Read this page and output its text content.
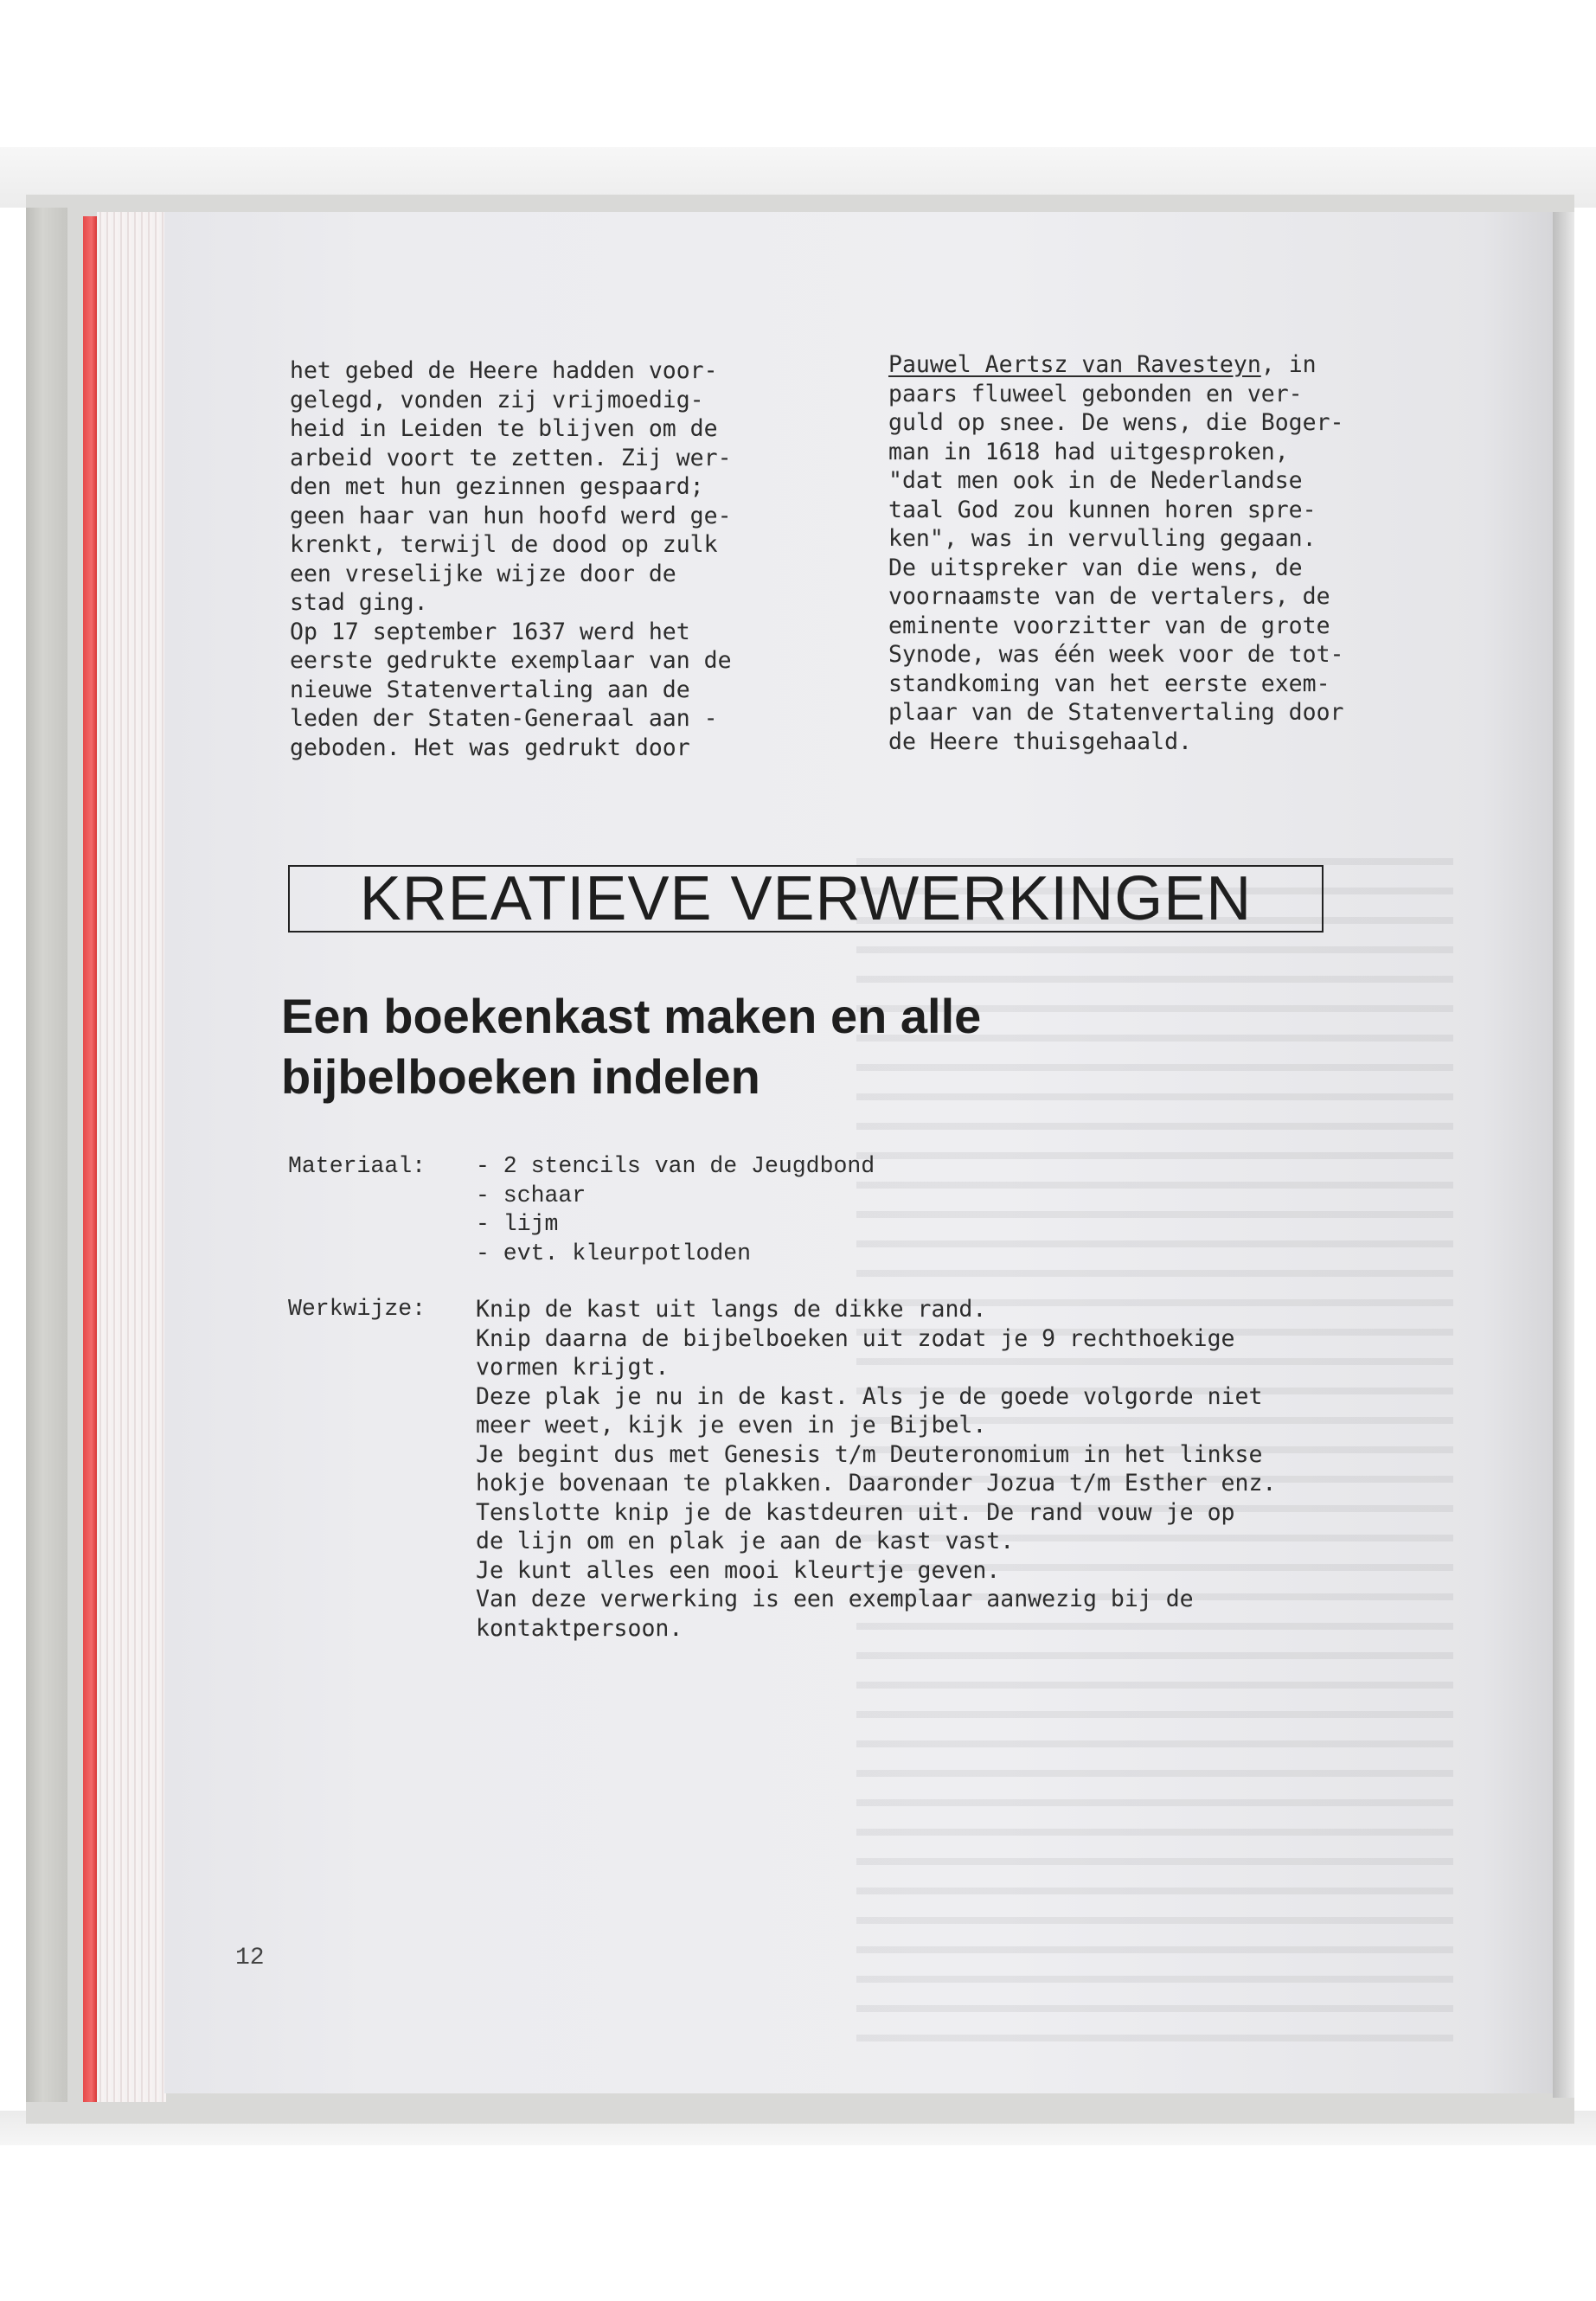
het gebed de Heere hadden voor-
gelegd, vonden zij vrijmoedig-
heid in Leiden te blijven om de
arbeid voort te zetten. Zij wer-
den met hun gezinnen gespaard;
geen haar van hun hoofd werd ge-
krenkt, terwijl de dood op zulk
een vreselijke wijze door de
stad ging.
Op 17 september 1637 werd het
eerste gedrukte exemplaar van de
nieuwe Statenvertaling aan de
leden der Staten-Generaal aan -
geboden. Het was gedrukt door
Pauwel Aertsz van Ravesteyn, in
paars fluweel gebonden en ver-
guld op snee. De wens, die Boger-
man in 1618 had uitgesproken,
"dat men ook in de Nederlandse
taal God zou kunnen horen spre-
ken", was in vervulling gegaan.
De uitspreker van die wens, de
voornaamste van de vertalers, de
eminente voorzitter van de grote
Synode, was één week voor de tot-
standkoming van het eerste exem-
plaar van de Statenvertaling door
de Heere thuisgehaald.
KREATIEVE VERWERKINGEN
Een boekenkast maken en alle
bijbelboeken indelen
Materiaal: - 2 stencils van de Jeugdbond
- schaar
- lijm
- evt. kleurpotloden
Werkwijze: Knip de kast uit langs de dikke rand.
Knip daarna de bijbelboeken uit zodat je 9 rechthoekige
vormen krijgt.
Deze plak je nu in de kast. Als je de goede volgorde niet
meer weet, kijk je even in je Bijbel.
Je begint dus met Genesis t/m Deuteronomium in het linkse
hokje bovenaan te plakken. Daaronder Jozua t/m Esther enz.
Tenslotte knip je de kastdeuren uit. De rand vouw je op
de lijn om en plak je aan de kast vast.
Je kunt alles een mooi kleurtje geven.
Van deze verwerking is een exemplaar aanwezig bij de
kontaktpersoon.
12
